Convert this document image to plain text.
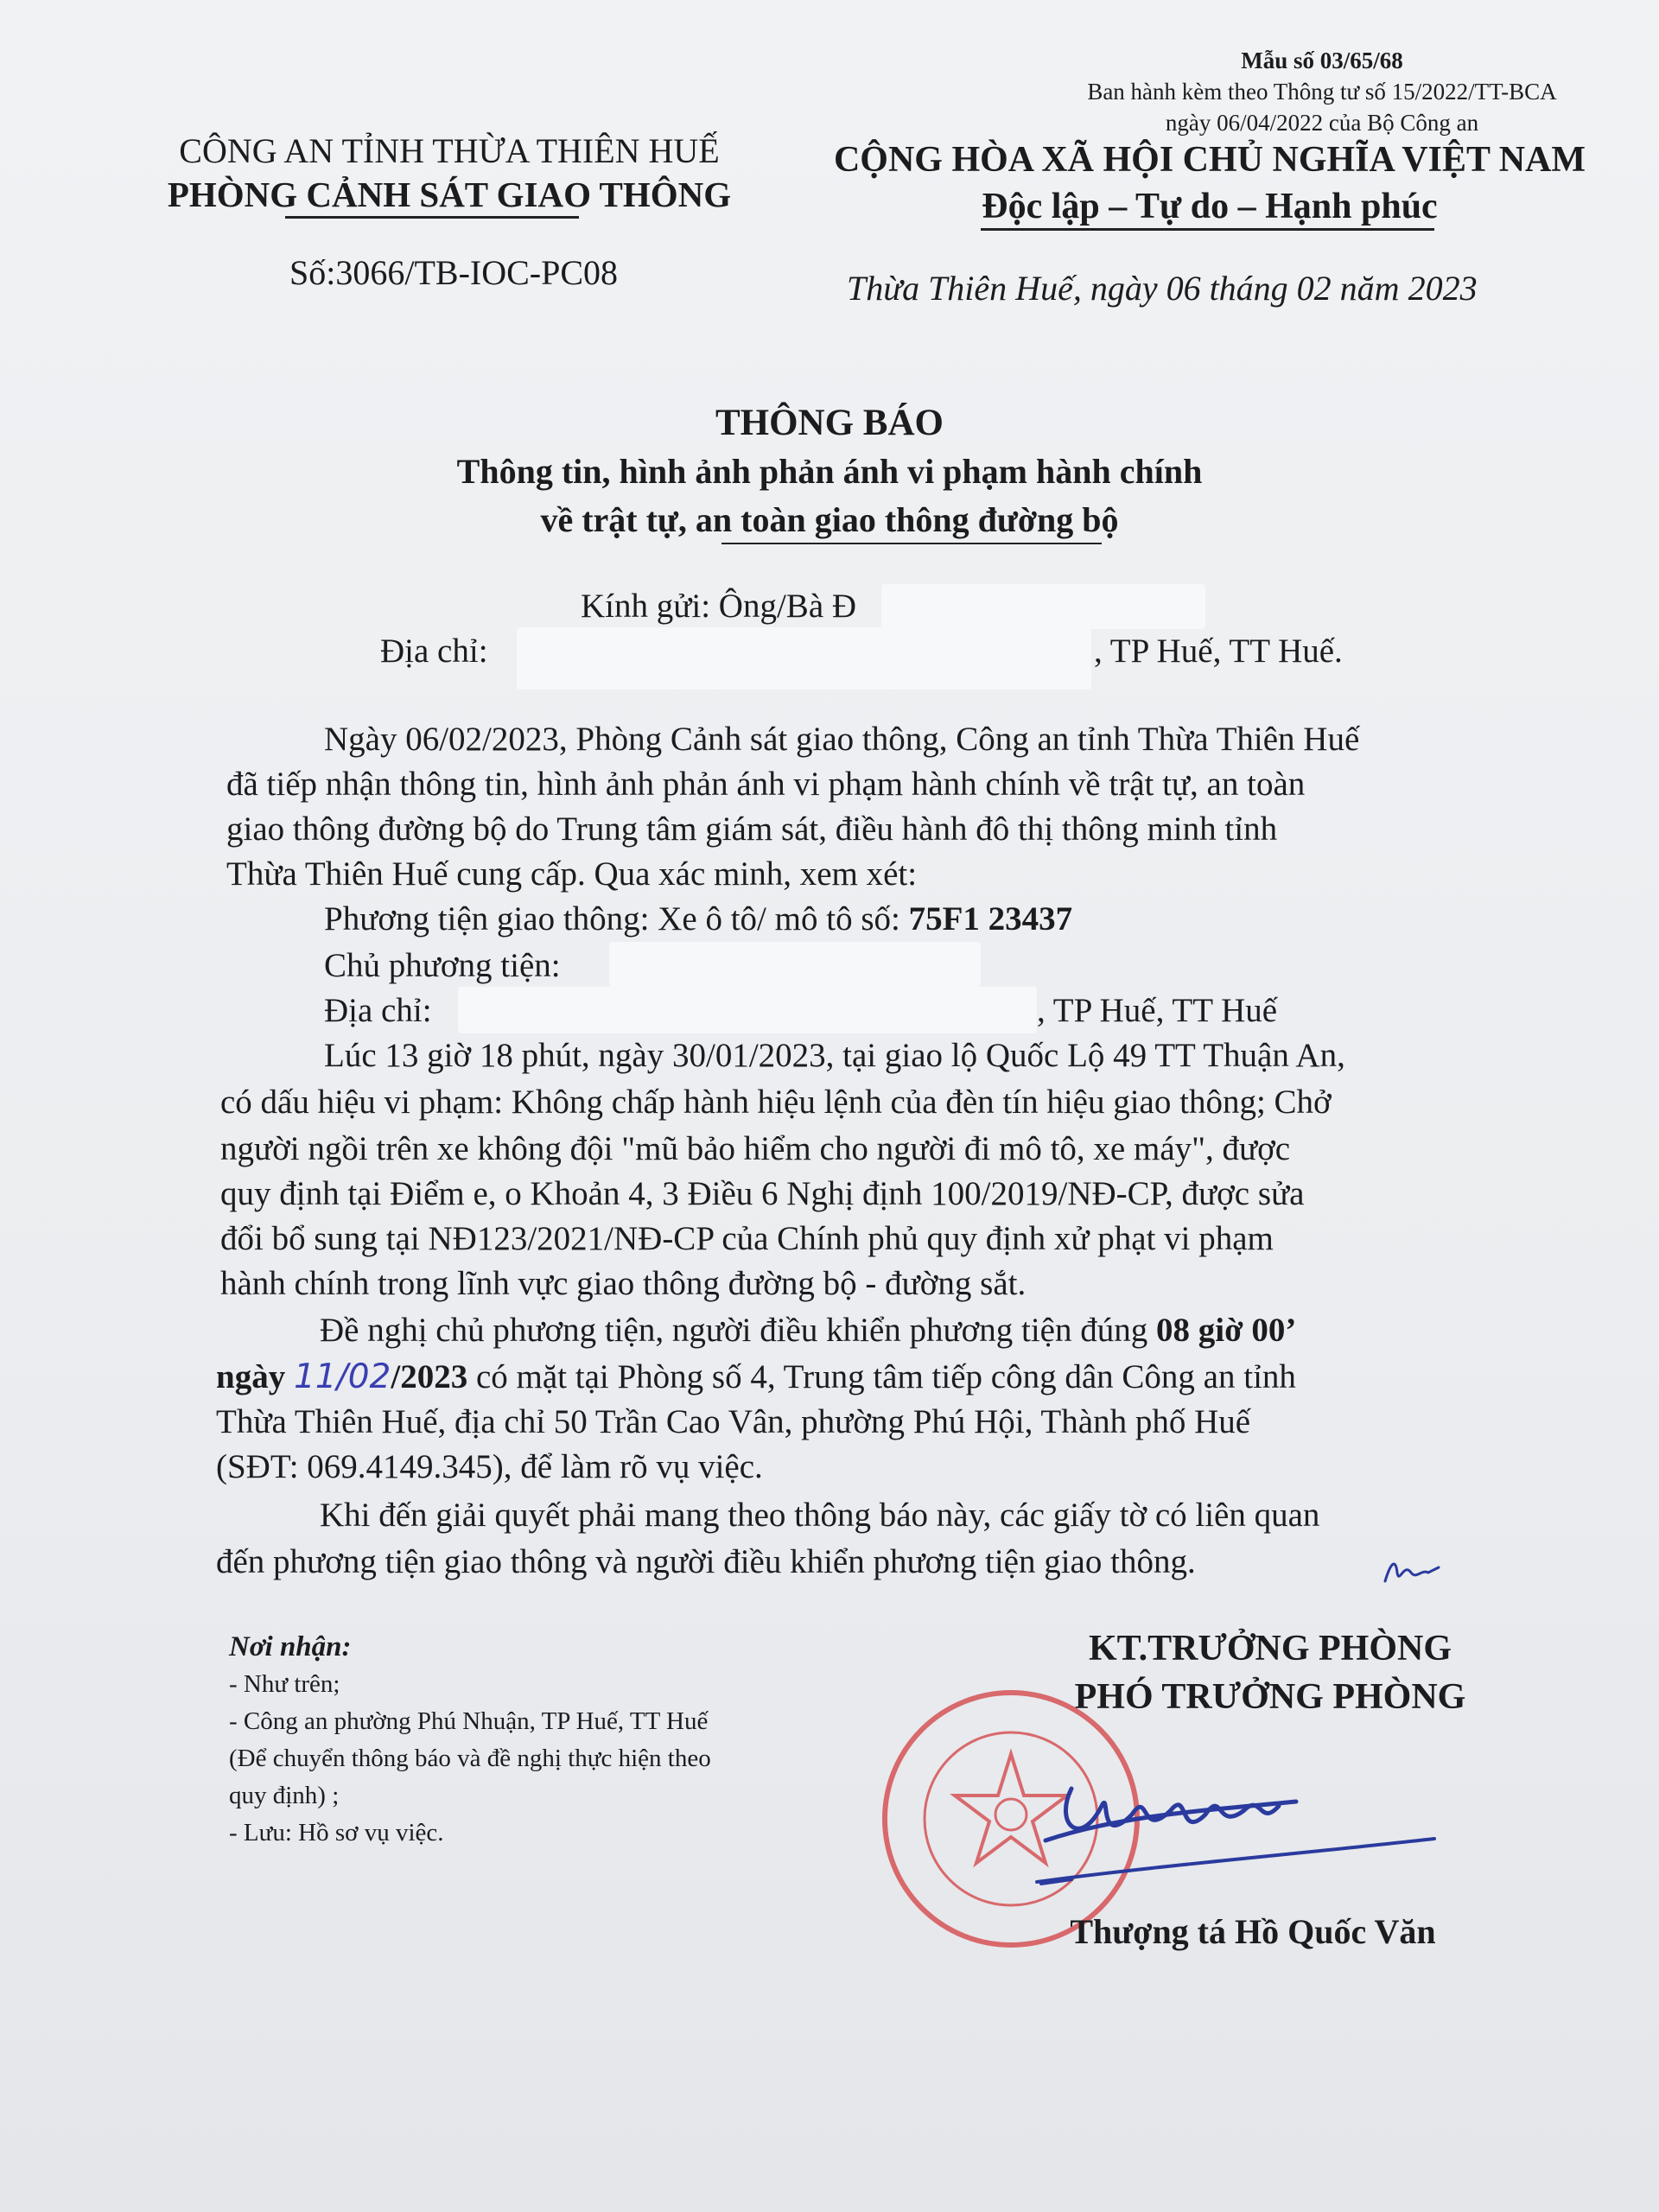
Mẫu số 03/65/68
Ban hành kèm theo Thông tư số 15/2022/TT-BCA
ngày 06/04/2022 của Bộ Công an
CÔNG AN TỈNH THỪA THIÊN HUẾ
PHÒNG CẢNH SÁT GIAO THÔNG
CỘNG HÒA XÃ HỘI CHỦ NGHĨA VIỆT NAM
Độc lập – Tự do – Hạnh phúc
Số:3066/TB-IOC-PC08	Thừa Thiên Huế, ngày 06 tháng 02 năm 2023
THÔNG BÁO
Thông tin, hình ảnh phản ánh vi phạm hành chính
về trật tự, an toàn giao thông đường bộ
Kính gửi: Ông/Bà Đ
Địa chỉ:	, TP Huế, TT Huế.
Ngày 06/02/2023, Phòng Cảnh sát giao thông, Công an tỉnh Thừa Thiên Huế
đã tiếp nhận thông tin, hình ảnh phản ánh vi phạm hành chính về trật tự, an toàn
giao thông đường bộ do Trung tâm giám sát, điều hành đô thị thông minh tỉnh
Thừa Thiên Huế cung cấp. Qua xác minh, xem xét:
Phương tiện giao thông: Xe ô tô/ mô tô số: 75F1 23437
Chủ phương tiện:
Địa chỉ:	, TP Huế, TT Huế
Lúc 13 giờ 18 phút, ngày 30/01/2023, tại giao lộ Quốc Lộ 49 TT Thuận An,
có dấu hiệu vi phạm: Không chấp hành hiệu lệnh của đèn tín hiệu giao thông; Chở
người ngồi trên xe không đội "mũ bảo hiểm cho người đi mô tô, xe máy", được
quy định tại Điểm e, o Khoản 4, 3 Điều 6 Nghị định 100/2019/NĐ-CP, được sửa
đổi bổ sung tại NĐ123/2021/NĐ-CP của Chính phủ quy định xử phạt vi phạm
hành chính trong lĩnh vực giao thông đường bộ - đường sắt.
Đề nghị chủ phương tiện, người điều khiển phương tiện đúng 08 giờ 00’
ngày 11/02/2023 có mặt tại Phòng số 4, Trung tâm tiếp công dân Công an tỉnh
Thừa Thiên Huế, địa chỉ 50 Trần Cao Vân, phường Phú Hội, Thành phố Huế
(SĐT: 069.4149.345), để làm rõ vụ việc.
Khi đến giải quyết phải mang theo thông báo này, các giấy tờ có liên quan
đến phương tiện giao thông và người điều khiển phương tiện giao thông.
Nơi nhận:
- Như trên;
- Công an phường Phú Nhuận, TP Huế, TT Huế
(Để chuyển thông báo và đề nghị thực hiện theo
quy định) ;
- Lưu: Hồ sơ vụ việc.
KT.TRƯỞNG PHÒNG
PHÓ TRƯỞNG PHÒNG
Thượng tá Hồ Quốc Văn
